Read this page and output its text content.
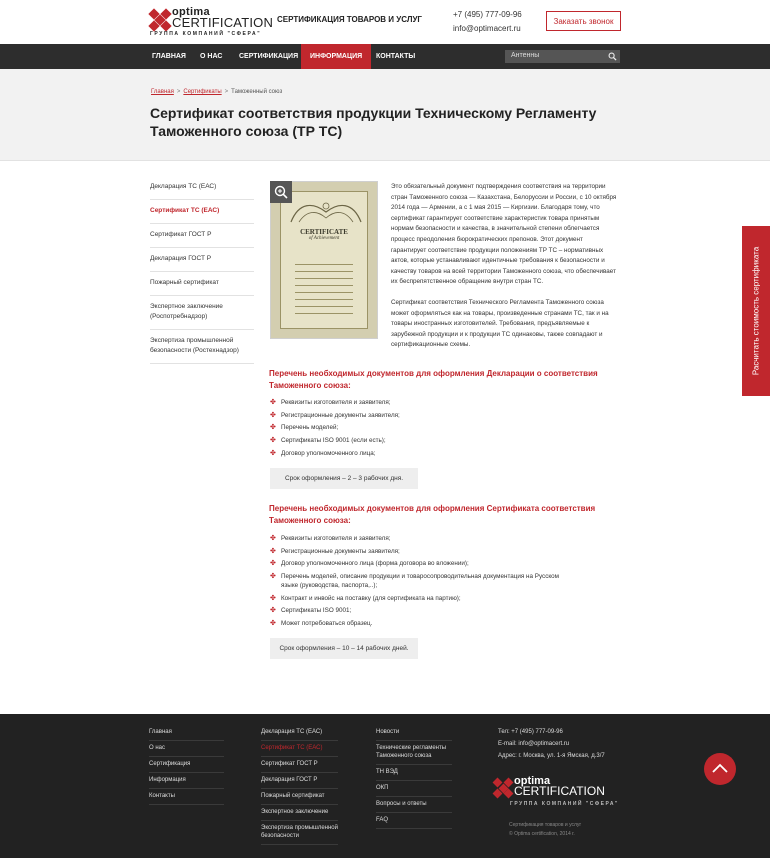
optima
CERTIFICATION
ГРУППА КОМПАНИЙ "СФЕРА"
СЕРТИФИКАЦИЯ ТОВАРОВ И УСЛУГ
+7 (495) 777-09-96
info@optimacert.ru
Заказать звонок
ГЛАВНАЯ О НАС СЕРТИФИКАЦИЯ	ИНФОРМАЦИЯ	КОНТАКТЫ	Антенны
Главная > Сертификаты > Таможенный союз
Сертификат соответствия продукции Техническому Регламенту Таможенного союза (ТР ТС)
Декларация ТС (ЕАС)
Сертификат ТС (ЕАС)
Сертификат ГОСТ Р
Декларация ГОСТ Р
Пожарный сертификат
Экспертное заключение (Роспотребнадзор)
Экспертиза промышленной безопасности (Ростехнадзор)
CERTIFICATE
of Achievement

Это обязательный документ подтверждения соответствия на территории стран Таможенного союза — Казахстана, Белоруссии и России, с 10 октября 2014 года — Армении, а с 1 мая 2015 — Киргизии. Благодаря тому, что сертификат гарантирует соответствие характеристик товара принятым нормам безопасности и качества, в значительной степени облегчается процесс преодоления бюрократических препонов. Этот документ гарантирует соответствие продукции положениям ТР ТС – нормативных актов, которые устанавливают идентичные требования к безопасности и качеству товаров на всей территории Таможенного союза, что обеспечивает их беспрепятственное обращение внутри стран ТС.

Сертификат соответствия Технического Регламента Таможенного союза может оформляться как на товары, произведенные странами ТС, так и на товары иностранных изготовителей. Требования, предъявляемые к зарубежной продукции и к продукции ТС одинаковы, также совпадают и сертификационные схемы.

Перечень необходимых документов для оформления Декларации о соответствия Таможенного союза:
✤ Реквизиты изготовителя и заявителя;
✤ Регистрационные документы заявителя;
✤ Перечень моделей;
✤ Сертификаты ISO 9001 (если есть);
✤ Договор уполномоченного лица;
Срок оформления – 2 – 3 рабочих дня.
Перечень необходимых документов для оформления Сертификата соответствия Таможенного союза:
✤ Реквизиты изготовителя и заявителя;
✤ Регистрационные документы заявителя;
✤ Договор уполномоченного лица (форма договора во вложении);
✤ Перечень моделей, описание продукции и товаросопроводительная документация на Русском языке (руководства, паспорта,..);
✤ Контракт и инвойс на поставку (для сертификата на партию);
✤ Сертификаты ISO 9001;
✤ Может потребоваться образец.
Срок оформления – 10 – 14 рабочих дней.
Расчитать стоимость сертификата
Главная
О нас
Сертификация
Информация
Контакты
Декларация ТС (ЕАС)
Сертификат ТС (ЕАС)
Сертификат ГОСТ Р
Декларация ГОСТ Р
Пожарный сертификат
Экспертное заключение
Экспертиза промышленной безопасности
Новости
Технические регламенты Таможенного союза
ТН ВЭД
ОКП
Вопросы и ответы
FAQ
Тел: +7 (495) 777-09-96
E-mail: info@optimacert.ru
Адрес: г. Москва, ул. 1-я Ямская, д.3/7
optima
CERTIFICATION
ГРУППА КОМПАНИЙ "СФЕРА"
Сертификация товаров и услуг
© Optima certification, 2014 г.
